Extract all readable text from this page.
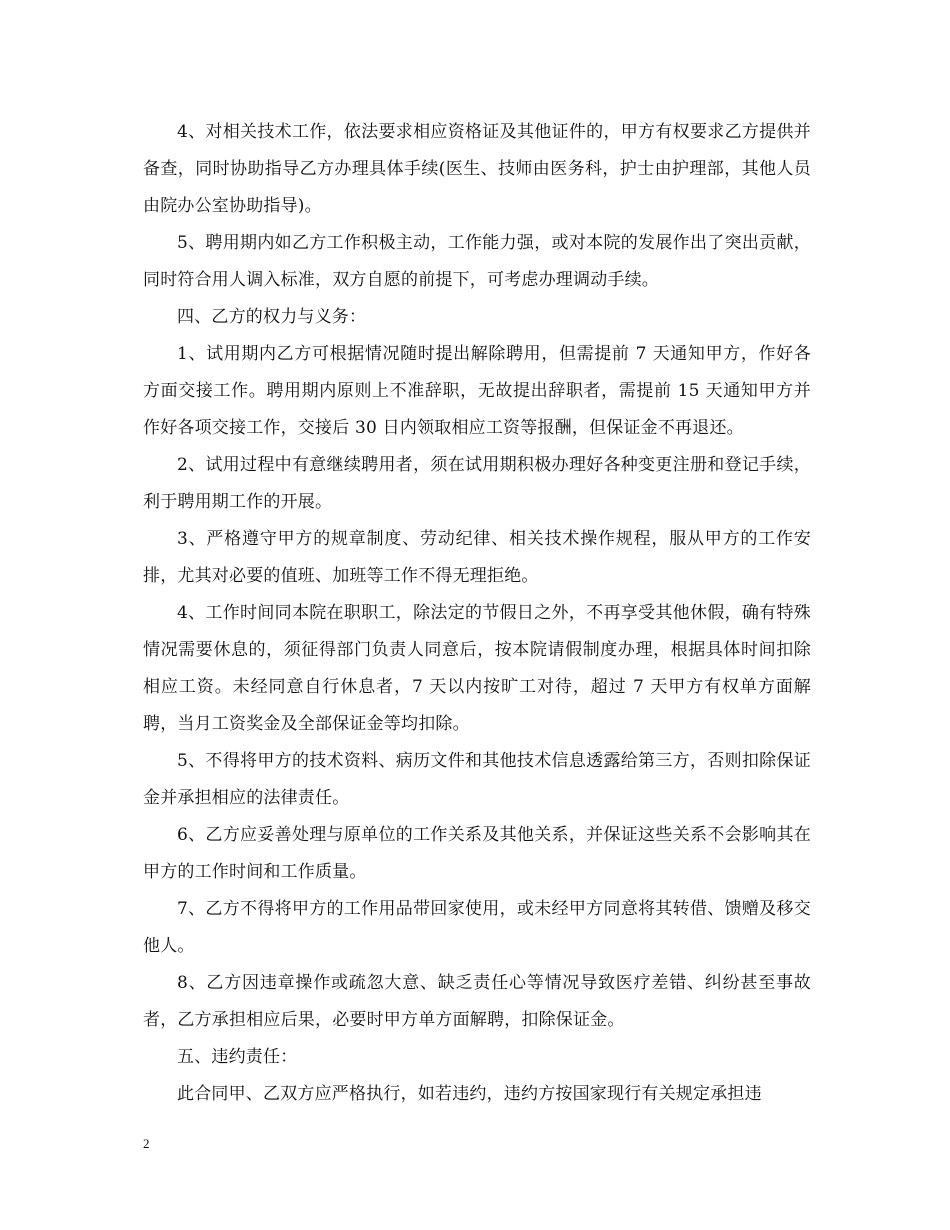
4、对相关技术工作，依法要求相应资格证及其他证件的，甲方有权要求乙方提供并备查，同时协助指导乙方办理具体手续(医生、技师由医务科，护士由护理部，其他人员由院办公室协助指导)。

5、聘用期内如乙方工作积极主动，工作能力强，或对本院的发展作出了突出贡献，同时符合用人调入标准，双方自愿的前提下，可考虑办理调动手续。

四、乙方的权力与义务：

1、试用期内乙方可根据情况随时提出解除聘用，但需提前 7 天通知甲方，作好各方面交接工作。聘用期内原则上不准辞职，无故提出辞职者，需提前 15 天通知甲方并作好各项交接工作，交接后 30 日内领取相应工资等报酬，但保证金不再退还。

2、试用过程中有意继续聘用者，须在试用期积极办理好各种变更注册和登记手续，利于聘用期工作的开展。

3、严格遵守甲方的规章制度、劳动纪律、相关技术操作规程，服从甲方的工作安排，尤其对必要的值班、加班等工作不得无理拒绝。

4、工作时间同本院在职职工，除法定的节假日之外，不再享受其他休假，确有特殊情况需要休息的，须征得部门负责人同意后，按本院请假制度办理，根据具体时间扣除相应工资。未经同意自行休息者，7 天以内按旷工对待，超过 7 天甲方有权单方面解聘，当月工资奖金及全部保证金等均扣除。

5、不得将甲方的技术资料、病历文件和其他技术信息透露给第三方，否则扣除保证金并承担相应的法律责任。

6、乙方应妥善处理与原单位的工作关系及其他关系，并保证这些关系不会影响其在甲方的工作时间和工作质量。

7、乙方不得将甲方的工作用品带回家使用，或未经甲方同意将其转借、馈赠及移交他人。

8、乙方因违章操作或疏忽大意、缺乏责任心等情况导致医疗差错、纠纷甚至事故者，乙方承担相应后果，必要时甲方单方面解聘，扣除保证金。

五、违约责任：

此合同甲、乙双方应严格执行，如若违约，违约方按国家现行有关规定承担违

2
